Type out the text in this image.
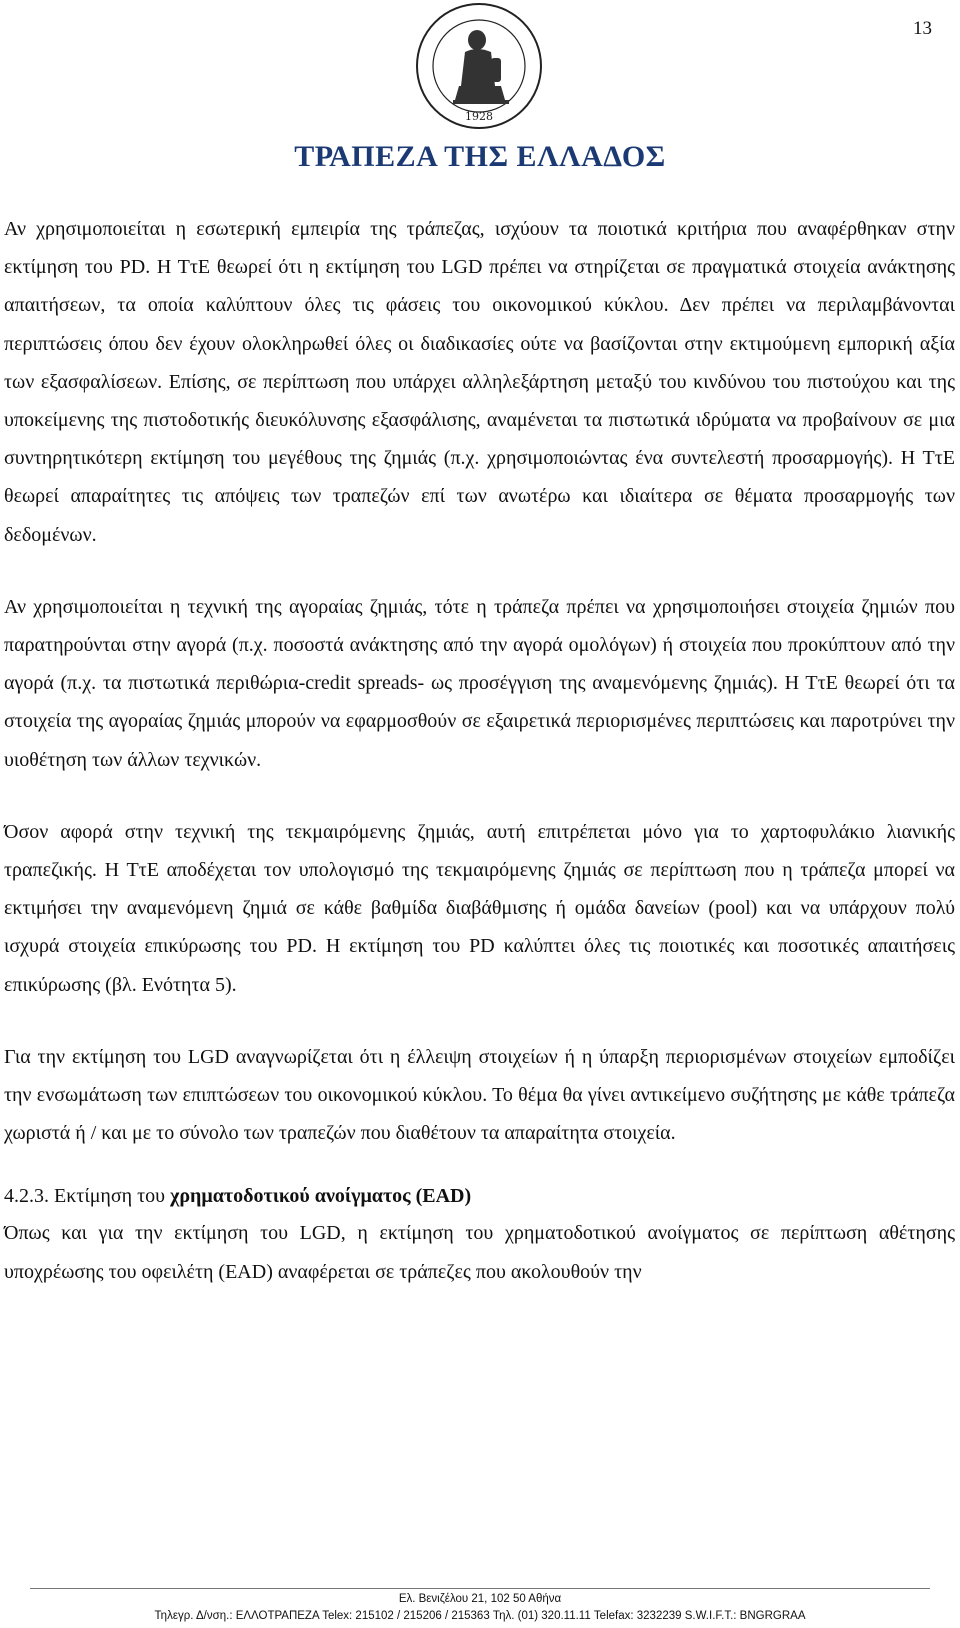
13
1928
ΤΡΑΠΕΖΑ ΤΗΣ ΕΛΛΑΔΟΣ

Αν χρησιμοποιείται η εσωτερική εμπειρία της τράπεζας, ισχύουν τα ποιοτικά κριτήρια που αναφέρθηκαν στην εκτίμηση του PD. Η ΤτΕ θεωρεί ότι η εκτίμηση του LGD πρέπει να στηρίζεται σε πραγματικά στοιχεία ανάκτησης απαιτήσεων, τα οποία καλύπτουν όλες τις φάσεις του οικονομικού κύκλου. Δεν πρέπει να περιλαμβάνονται περιπτώσεις όπου δεν έχουν ολοκληρωθεί όλες οι διαδικασίες ούτε να βασίζονται στην εκτιμούμενη εμπορική αξία των εξασφαλίσεων. Επίσης, σε περίπτωση που υπάρχει αλληλεξάρτηση μεταξύ του κινδύνου του πιστούχου και της υποκείμενης της πιστοδοτικής διευκόλυνσης εξασφάλισης, αναμένεται τα πιστωτικά ιδρύματα να προβαίνουν σε μια συντηρητικότερη εκτίμηση του μεγέθους της ζημιάς (π.χ. χρησιμοποιώντας ένα συντελεστή προσαρμογής). Η ΤτΕ θεωρεί απαραίτητες τις απόψεις των τραπεζών επί των ανωτέρω και ιδιαίτερα σε θέματα προσαρμογής των δεδομένων.

Αν χρησιμοποιείται η τεχνική της αγοραίας ζημιάς, τότε η τράπεζα πρέπει να χρησιμοποιήσει στοιχεία ζημιών που παρατηρούνται στην αγορά (π.χ. ποσοστά ανάκτησης από την αγορά ομολόγων) ή στοιχεία που προκύπτουν από την αγορά (π.χ. τα πιστωτικά περιθώρια-credit spreads- ως προσέγγιση της αναμενόμενης ζημιάς). Η ΤτΕ θεωρεί ότι τα στοιχεία της αγοραίας ζημιάς μπορούν να εφαρμοσθούν σε εξαιρετικά περιορισμένες περιπτώσεις και παροτρύνει την υιοθέτηση των άλλων τεχνικών.

Όσον αφορά στην τεχνική της τεκμαιρόμενης ζημιάς, αυτή επιτρέπεται μόνο για το χαρτοφυλάκιο λιανικής τραπεζικής. Η ΤτΕ αποδέχεται τον υπολογισμό της τεκμαιρόμενης ζημιάς σε περίπτωση που η τράπεζα μπορεί να εκτιμήσει την αναμενόμενη ζημιά σε κάθε βαθμίδα διαβάθμισης ή ομάδα δανείων (pool) και να υπάρχουν πολύ ισχυρά στοιχεία επικύρωσης του PD. Η εκτίμηση του PD καλύπτει όλες τις ποιοτικές και ποσοτικές απαιτήσεις επικύρωσης (βλ. Ενότητα 5).

Για την εκτίμηση του LGD αναγνωρίζεται ότι η έλλειψη στοιχείων ή η ύπαρξη περιορισμένων στοιχείων εμποδίζει την ενσωμάτωση των επιπτώσεων του οικονομικού κύκλου. Το θέμα θα γίνει αντικείμενο συζήτησης με κάθε τράπεζα χωριστά ή / και με το σύνολο των τραπεζών που διαθέτουν τα απαραίτητα στοιχεία.

4.2.3. Εκτίμηση του χρηματοδοτικού ανοίγματος (EAD)

Όπως και για την εκτίμηση του LGD, η εκτίμηση του χρηματοδοτικού ανοίγματος σε περίπτωση αθέτησης υποχρέωσης του οφειλέτη (EAD) αναφέρεται σε τράπεζες που ακολουθούν την

Ελ. Βενιζέλου 21, 102 50 Αθήνα
Τηλεγρ. Δ/νση.: ΕΛΛΟΤΡΑΠΕΖΑ Telex: 215102 / 215206 / 215363 Τηλ. (01) 320.11.11 Telefax: 3232239 S.W.I.F.T.: BNGRGRAA
